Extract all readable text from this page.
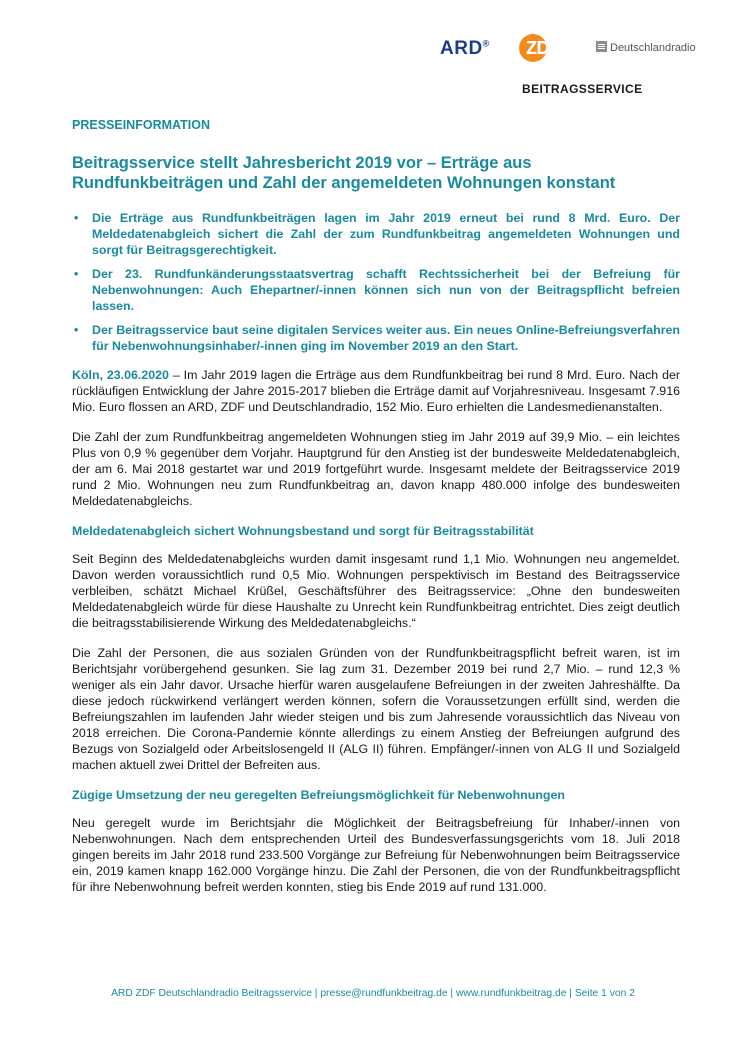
ARD® ZDF	Deutschlandradio
BEITRAGSSERVICE
PRESSEINFORMATION
Beitragsservice stellt Jahresbericht 2019 vor – Erträge aus Rundfunkbeiträgen und Zahl der angemeldeten Wohnungen konstant
• Die Erträge aus Rundfunkbeiträgen lagen im Jahr 2019 erneut bei rund 8 Mrd. Euro. Der Meldedatenabgleich sichert die Zahl der zum Rundfunkbeitrag angemeldeten Wohnungen und sorgt für Beitragsgerechtigkeit.
• Der 23. Rundfunkänderungsstaatsvertrag schafft Rechtssicherheit bei der Befreiung für Nebenwohnungen: Auch Ehepartner/-innen können sich nun von der Beitragspflicht befreien lassen.
• Der Beitragsservice baut seine digitalen Services weiter aus. Ein neues Online-Befreiungsverfahren für Nebenwohnungsinhaber/-innen ging im November 2019 an den Start.

Köln, 23.06.2020 – Im Jahr 2019 lagen die Erträge aus dem Rundfunkbeitrag bei rund 8 Mrd. Euro. Nach der rückläufigen Entwicklung der Jahre 2015-2017 blieben die Erträge damit auf Vorjahresniveau. Insgesamt 7.916 Mio. Euro flossen an ARD, ZDF und Deutschlandradio, 152 Mio. Euro erhielten die Landesmedienanstalten.

Die Zahl der zum Rundfunkbeitrag angemeldeten Wohnungen stieg im Jahr 2019 auf 39,9 Mio. – ein leichtes Plus von 0,9 % gegenüber dem Vorjahr. Hauptgrund für den Anstieg ist der bundesweite Meldedatenabgleich, der am 6. Mai 2018 gestartet war und 2019 fortgeführt wurde. Insgesamt meldete der Beitragsservice 2019 rund 2 Mio. Wohnungen neu zum Rundfunkbeitrag an, davon knapp 480.000 infolge des bundesweiten Meldedatenabgleichs.

Meldedatenabgleich sichert Wohnungsbestand und sorgt für Beitragsstabilität

Seit Beginn des Meldedatenabgleichs wurden damit insgesamt rund 1,1 Mio. Wohnungen neu angemeldet. Davon werden voraussichtlich rund 0,5 Mio. Wohnungen perspektivisch im Bestand des Beitragsservice verbleiben, schätzt Michael Krüßel, Geschäftsführer des Beitragsservice: „Ohne den bundesweiten Meldedatenabgleich würde für diese Haushalte zu Unrecht kein Rundfunkbeitrag entrichtet. Dies zeigt deutlich die beitragsstabilisierende Wirkung des Meldedatenabgleichs.“

Die Zahl der Personen, die aus sozialen Gründen von der Rundfunkbeitragspflicht befreit waren, ist im Berichtsjahr vorübergehend gesunken. Sie lag zum 31. Dezember 2019 bei rund 2,7 Mio. – rund 12,3 % weniger als ein Jahr davor. Ursache hierfür waren ausgelaufene Befreiungen in der zweiten Jahreshälfte. Da diese jedoch rückwirkend verlängert werden können, sofern die Voraussetzungen erfüllt sind, werden die Befreiungszahlen im laufenden Jahr wieder steigen und bis zum Jahresende voraussichtlich das Niveau von 2018 erreichen. Die Corona-Pandemie könnte allerdings zu einem Anstieg der Befreiungen aufgrund des Bezugs von Sozialgeld oder Arbeitslosengeld II (ALG II) führen. Empfänger/-innen von ALG II und Sozialgeld machen aktuell zwei Drittel der Befreiten aus.

Zügige Umsetzung der neu geregelten Befreiungsmöglichkeit für Nebenwohnungen

Neu geregelt wurde im Berichtsjahr die Möglichkeit der Beitragsbefreiung für Inhaber/-innen von Nebenwohnungen. Nach dem entsprechenden Urteil des Bundesverfassungsgerichts vom 18. Juli 2018 gingen bereits im Jahr 2018 rund 233.500 Vorgänge zur Befreiung für Nebenwohnungen beim Beitragsservice ein, 2019 kamen knapp 162.000 Vorgänge hinzu. Die Zahl der Personen, die von der Rundfunkbeitragspflicht für ihre Nebenwohnung befreit werden konnten, stieg bis Ende 2019 auf rund 131.000.

ARD ZDF Deutschlandradio Beitragsservice | presse@rundfunkbeitrag.de | www.rundfunkbeitrag.de | Seite 1 von 2
